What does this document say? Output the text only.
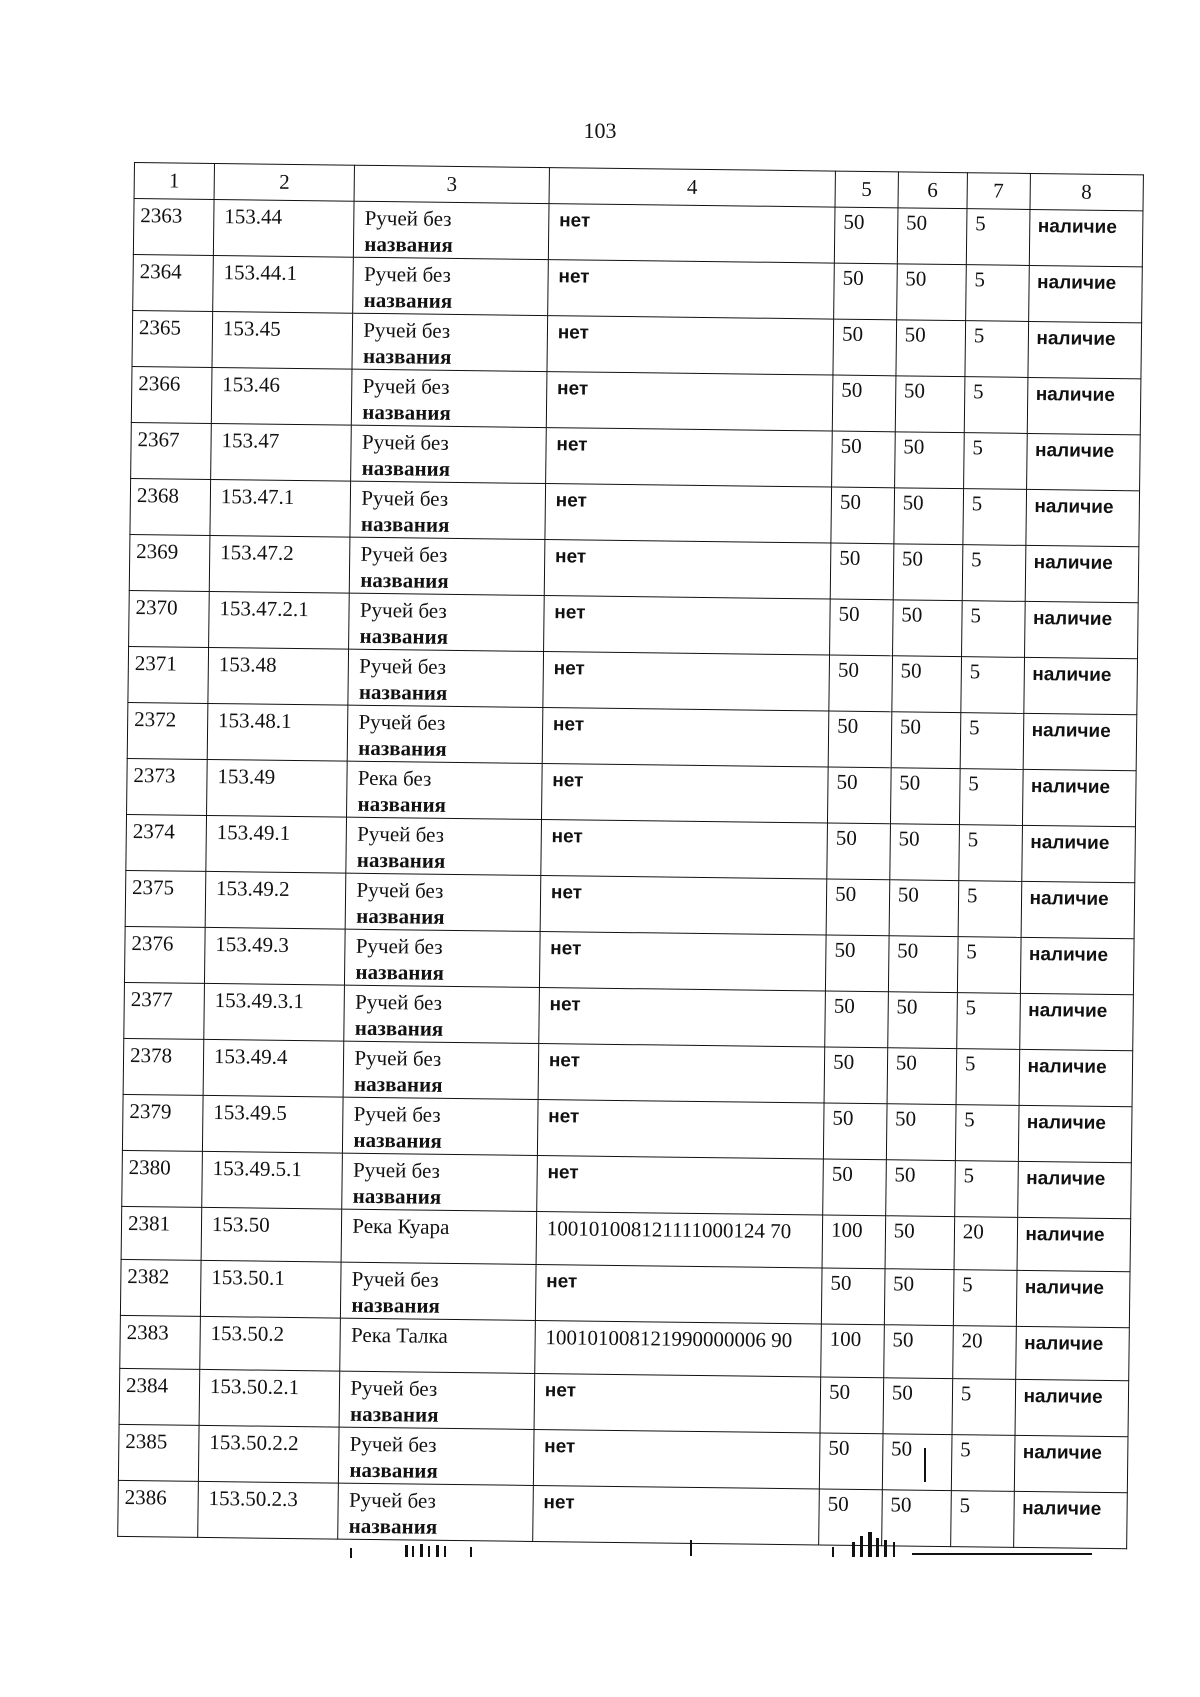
103
1	2	3	4	5	6	7	8
2363	153.44	Ручей без
названия	нет	50	50	5	наличие
2364	153.44.1	Ручей без
названия	нет	50	50	5	наличие
2365	153.45	Ручей без
названия	нет	50	50	5	наличие
2366	153.46	Ручей без
названия	нет	50	50	5	наличие
2367	153.47	Ручей без
названия	нет	50	50	5	наличие
2368	153.47.1	Ручей без
названия	нет	50	50	5	наличие
2369	153.47.2	Ручей без
названия	нет	50	50	5	наличие
2370	153.47.2.1	Ручей без
названия	нет	50	50	5	наличие
2371	153.48	Ручей без
названия	нет	50	50	5	наличие
2372	153.48.1	Ручей без
названия	нет	50	50	5	наличие
2373	153.49	Река без
названия	нет	50	50	5	наличие
2374	153.49.1	Ручей без
названия	нет	50	50	5	наличие
2375	153.49.2	Ручей без
названия	нет	50	50	5	наличие
2376	153.49.3	Ручей без
названия	нет	50	50	5	наличие
2377	153.49.3.1	Ручей без
названия	нет	50	50	5	наличие
2378	153.49.4	Ручей без
названия	нет	50	50	5	наличие
2379	153.49.5	Ручей без
названия	нет	50	50	5	наличие
2380	153.49.5.1	Ручей без
названия	нет	50	50	5	наличие
2381	153.50	Река Куара	100101008121111000124 70	100	50	20	наличие
2382	153.50.1	Ручей без
названия	нет	50	50	5	наличие
2383	153.50.2	Река Талка	100101008121990000006 90	100	50	20	наличие
2384	153.50.2.1	Ручей без
названия	нет	50	50	5	наличие
2385	153.50.2.2	Ручей без
названия	нет	50	50	5	наличие
2386	153.50.2.3	Ручей без
названия	нет	50	50	5	наличие
